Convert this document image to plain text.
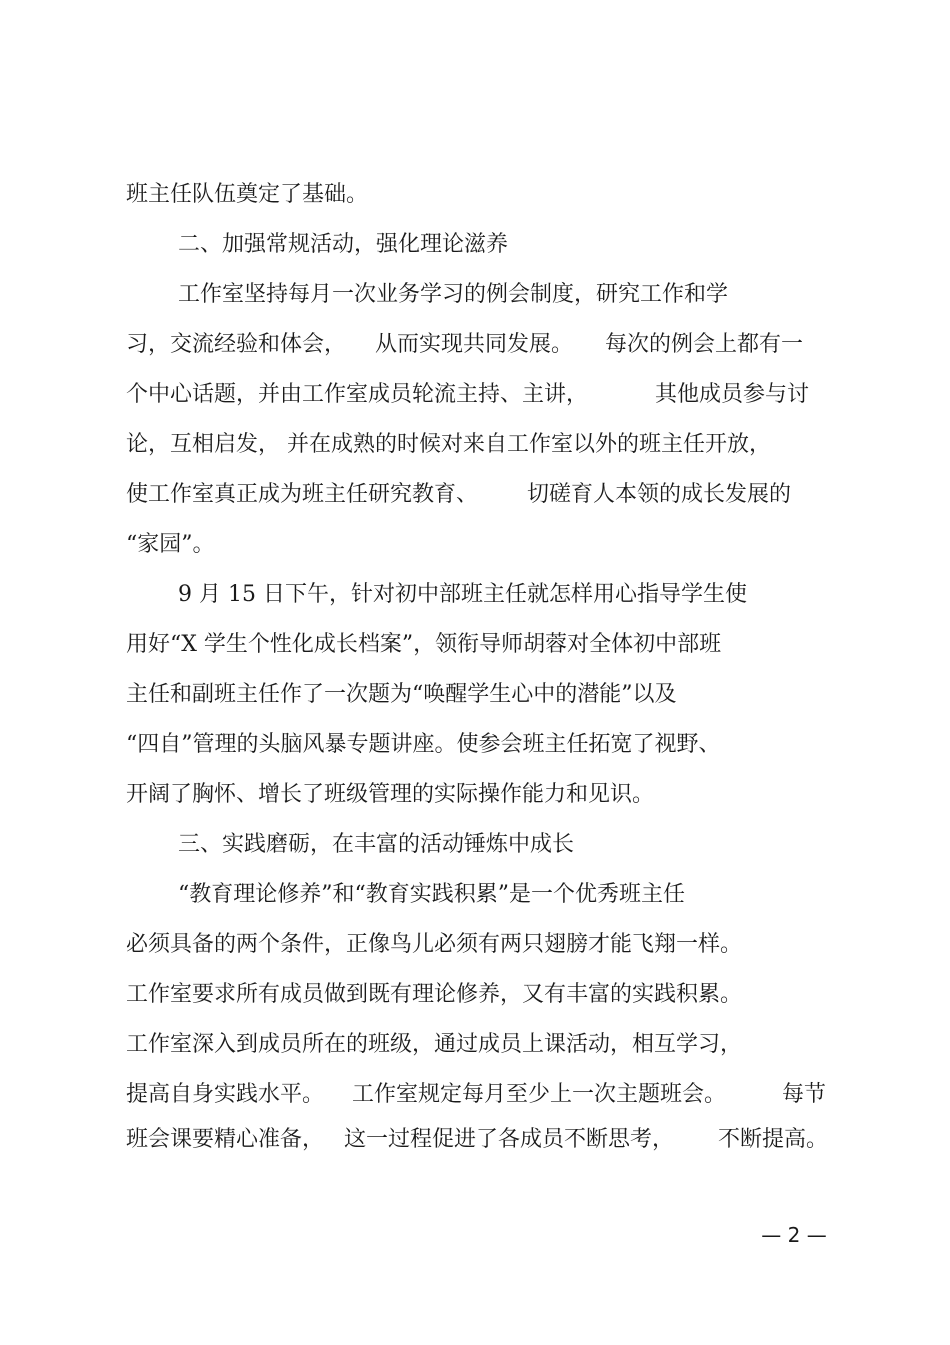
班主任队伍奠定了基础。
二、加强常规活动，强化理论滋养
工作室坚持每月一次业务学习的例会制度，研究工作和学
习，交流经验和体会， 从而实现共同发展。 每次的例会上都有一
个中心话题，并由工作室成员轮流主持、主讲，	其他成员参与讨
论，互相启发， 并在成熟的时候对来自工作室以外的班主任开放，
使工作室真正成为班主任研究教育、 切磋育人本领的成长发展的
“家园”。
9 月 15 日下午，针对初中部班主任就怎样用心指导学生使
用好“X 学生个性化成长档案”，领衔导师胡蓉对全体初中部班
主任和副班主任作了一次题为“唤醒学生心中的潜能”以及
“四自”管理的头脑风暴专题讲座。使参会班主任拓宽了视野、
开阔了胸怀、增长了班级管理的实际操作能力和见识。
三、实践磨砺，在丰富的活动锤炼中成长
“教育理论修养”和“教育实践积累”是一个优秀班主任
必须具备的两个条件，正像鸟儿必须有两只翅膀才能飞翔一样。
工作室要求所有成员做到既有理论修养，又有丰富的实践积累。
工作室深入到成员所在的班级，通过成员上课活动，相互学习，
提高自身实践水平。 工作室规定每月至少上一次主题班会。	每节
班会课要精心准备， 这一过程促进了各成员不断思考， 不断提高。
— 2 —
